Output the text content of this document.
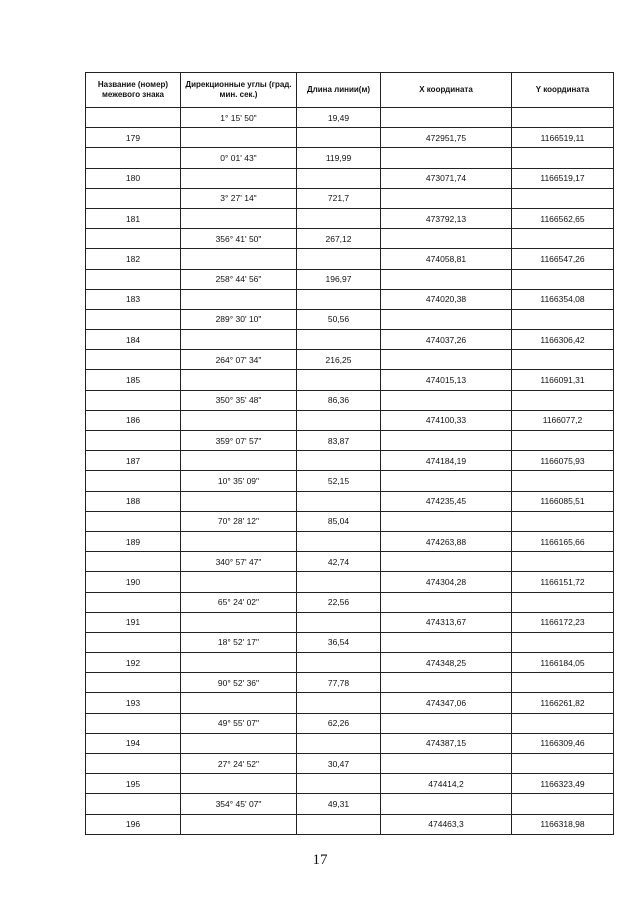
Название (номер) межевого знака	Дирекционные углы (град. мин. сек.)	Длина линии(м)	X координата	Y координата
	1° 15' 50"	19,49		
179			472951,75	1166519,11
	0° 01' 43"	119,99		
180			473071,74	1166519,17
	3° 27' 14"	721,7		
181			473792,13	1166562,65
	356° 41' 50"	267,12		
182			474058,81	1166547,26
	258° 44' 56"	196,97		
183			474020,38	1166354,08
	289° 30' 10"	50,56		
184			474037,26	1166306,42
	264° 07' 34"	216,25		
185			474015,13	1166091,31
	350° 35' 48"	86,36		
186			474100,33	1166077,2
	359° 07' 57"	83,87		
187			474184,19	1166075,93
	10° 35' 09"	52,15		
188			474235,45	1166085,51
	70° 28' 12"	85,04		
189			474263,88	1166165,66
	340° 57' 47"	42,74		
190			474304,28	1166151,72
	65° 24' 02"	22,56		
191			474313,67	1166172,23
	18° 52' 17"	36,54		
192			474348,25	1166184,05
	90° 52' 36"	77,78		
193			474347,06	1166261,82
	49° 55' 07"	62,26		
194			474387,15	1166309,46
	27° 24' 52"	30,47		
195			474414,2	1166323,49
	354° 45' 07"	49,31		
196			474463,3	1166318,98
17
